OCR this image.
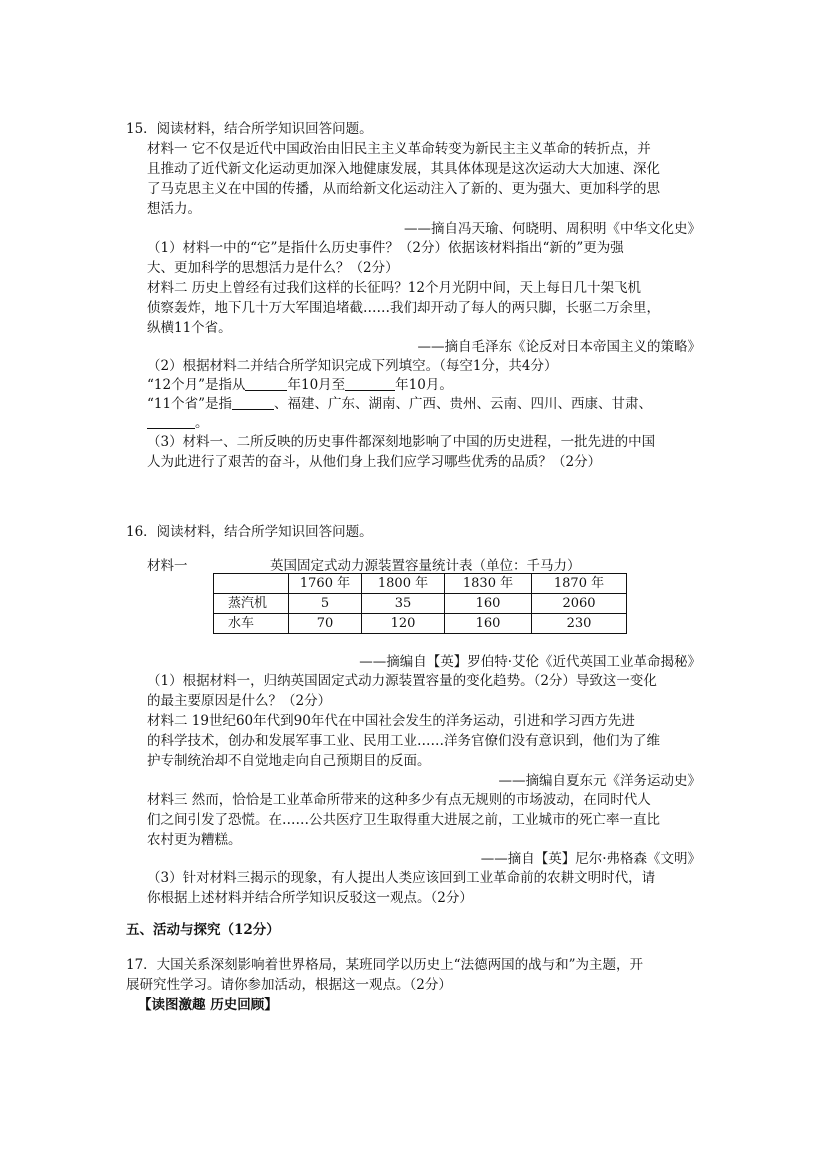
15．阅读材料，结合所学知识回答问题。
材料一 它不仅是近代中国政治由旧民主主义革命转变为新民主主义革命的转折点，并
且推动了近代新文化运动更加深入地健康发展，其具体体现是这次运动大大加速、深化
了马克思主义在中国的传播，从而给新文化运动注入了新的、更为强大、更加科学的思
想活力。
——摘自冯天瑜、何晓明、周积明《中华文化史》
（1）材料一中的“它”是指什么历史事件？（2分）依据该材料指出“新的”更为强
大、更加科学的思想活力是什么？（2分）
材料二 历史上曾经有过我们这样的长征吗？12个月光阴中间，天上每日几十架飞机
侦察轰炸，地下几十万大军围追堵截……我们却开动了每人的两只脚，长驱二万余里，
纵横11个省。
——摘自毛泽东《论反对日本帝国主义的策略》
（2）根据材料二并结合所学知识完成下列填空。（每空1分，共4分）
“12个月”是指从	年10月至	年10月。
“11个省”是指	、福建、广东、湖南、广西、贵州、云南、四川、西康、甘肃、
。
（3）材料一、二所反映的历史事件都深刻地影响了中国的历史进程，一批先进的中国
人为此进行了艰苦的奋斗，从他们身上我们应学习哪些优秀的品质？（2分）
16．阅读材料，结合所学知识回答问题。
材料一	英国固定式动力源装置容量统计表（单位：千马力）
	1760 年	1800 年	1830 年	1870 年
蒸汽机	5	35	160	2060
水车	70	120	160	230
——摘编自【英】罗伯特·艾伦《近代英国工业革命揭秘》
（1）根据材料一，归纳英国固定式动力源装置容量的变化趋势。（2分）导致这一变化
的最主要原因是什么？（2分）
材料二 19世纪60年代到90年代在中国社会发生的洋务运动，引进和学习西方先进
的科学技术，创办和发展军事工业、民用工业……洋务官僚们没有意识到，他们为了维
护专制统治却不自觉地走向自己预期目的反面。
——摘编自夏东元《洋务运动史》
材料三 然而，恰恰是工业革命所带来的这种多少有点无规则的市场波动，在同时代人
们之间引发了恐慌。在……公共医疗卫生取得重大进展之前，工业城市的死亡率一直比
农村更为糟糕。
——摘自【英】尼尔·弗格森《文明》
（3）针对材料三揭示的现象，有人提出人类应该回到工业革命前的农耕文明时代，请
你根据上述材料并结合所学知识反驳这一观点。（2分）
五、活动与探究（12分）
17．大国关系深刻影响着世界格局，某班同学以历史上“法德两国的战与和”为主题，开
展研究性学习。请你参加活动，根据这一观点。（2分）
【读图激趣 历史回顾】
